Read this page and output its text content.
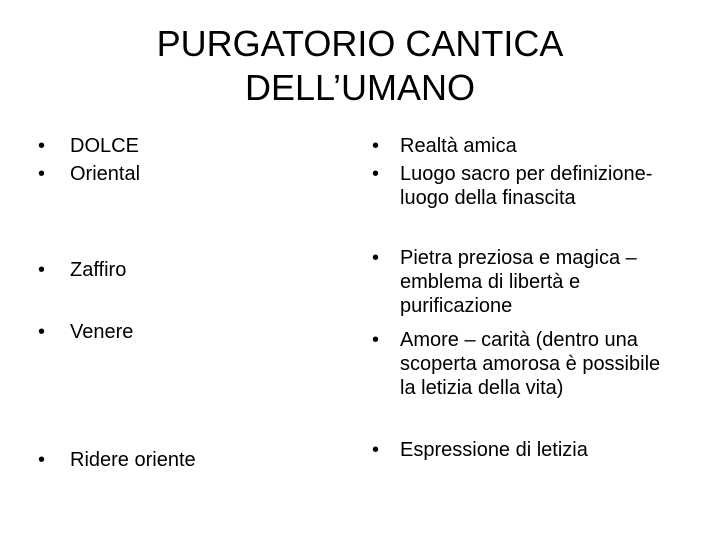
PURGATORIO CANTICA
DELL’UMANO
• DOLCE
• Oriental
• Zaffiro
• Venere
• Ridere oriente
• Realtà amica
• Luogo sacro per definizione- luogo della finascita
• Pietra preziosa e magica – emblema di libertà e purificazione
• Amore – carità (dentro una scoperta amorosa è possibile la letizia della vita)
• Espressione di letizia
